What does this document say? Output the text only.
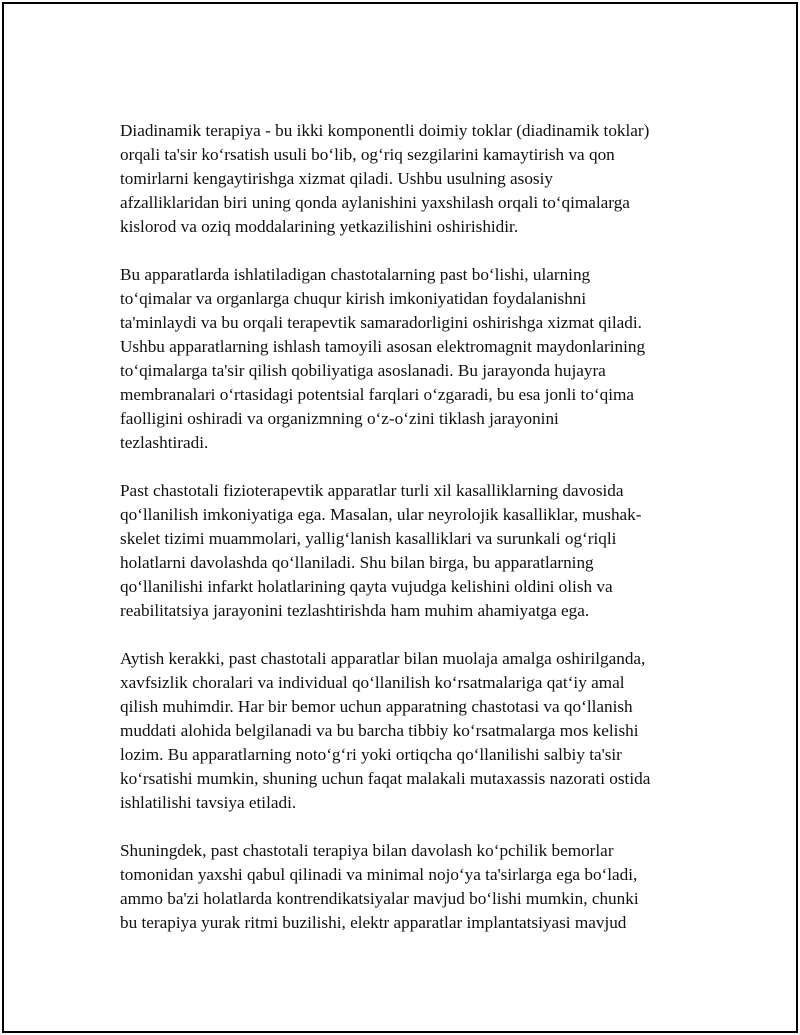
Diadinamik terapiya - bu ikki komponentli doimiy toklar (diadinamik toklar)
orqali ta'sir ko‘rsatish usuli bo‘lib, og‘riq sezgilarini kamaytirish va qon
tomirlarni kengaytirishga xizmat qiladi. Ushbu usulning asosiy
afzalliklaridan biri uning qonda aylanishini yaxshilash orqali to‘qimalarga
kislorod va oziq moddalarining yetkazilishini oshirishidir.

Bu apparatlarda ishlatiladigan chastotalarning past bo‘lishi, ularning
to‘qimalar va organlarga chuqur kirish imkoniyatidan foydalanishni
ta'minlaydi va bu orqali terapevtik samaradorligini oshirishga xizmat qiladi.
Ushbu apparatlarning ishlash tamoyili asosan elektromagnit maydonlarining
to‘qimalarga ta'sir qilish qobiliyatiga asoslanadi. Bu jarayonda hujayra
membranalari o‘rtasidagi potentsial farqlari o‘zgaradi, bu esa jonli to‘qima
faolligini oshiradi va organizmning o‘z-o‘zini tiklash jarayonini
tezlashtiradi.

Past chastotali fizioterapevtik apparatlar turli xil kasalliklarning davosida
qo‘llanilish imkoniyatiga ega. Masalan, ular neyrolojik kasalliklar, mushak-
skelet tizimi muammolari, yallig‘lanish kasalliklari va surunkali og‘riqli
holatlarni davolashda qo‘llaniladi. Shu bilan birga, bu apparatlarning
qo‘llanilishi infarkt holatlarining qayta vujudga kelishini oldini olish va
reabilitatsiya jarayonini tezlashtirishda ham muhim ahamiyatga ega.

Aytish kerakki, past chastotali apparatlar bilan muolaja amalga oshirilganda,
xavfsizlik choralari va individual qo‘llanilish ko‘rsatmalariga qat‘iy amal
qilish muhimdir. Har bir bemor uchun apparatning chastotasi va qo‘llanish
muddati alohida belgilanadi va bu barcha tibbiy ko‘rsatmalarga mos kelishi
lozim. Bu apparatlarning noto‘g‘ri yoki ortiqcha qo‘llanilishi salbiy ta'sir
ko‘rsatishi mumkin, shuning uchun faqat malakali mutaxassis nazorati ostida
ishlatilishi tavsiya etiladi.

Shuningdek, past chastotali terapiya bilan davolash ko‘pchilik bemorlar
tomonidan yaxshi qabul qilinadi va minimal nojo‘ya ta'sirlarga ega bo‘ladi,
ammo ba'zi holatlarda kontrendikatsiyalar mavjud bo‘lishi mumkin, chunki
bu terapiya yurak ritmi buzilishi, elektr apparatlar implantatsiyasi mavjud
